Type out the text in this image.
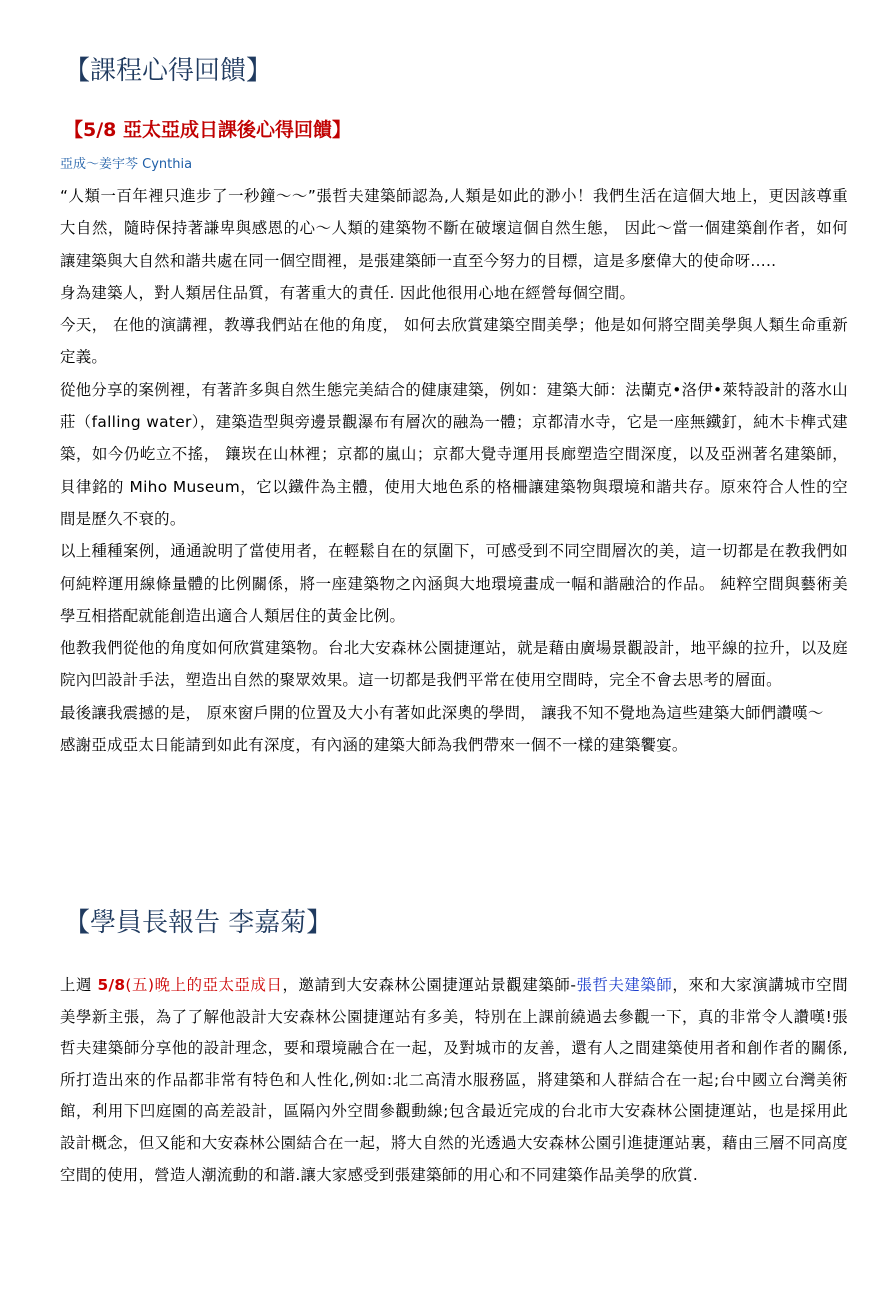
【課程心得回饋】
【5/8 亞太亞成日課後心得回饋】
亞成～姜宇芩 Cynthia

“人類一百年裡只進步了一秒鐘～～”張哲夫建築師認為,人類是如此的渺小！我們生活在這個大地上，更因該尊重大自然，隨時保持著謙卑與感恩的心～人類的建築物不斷在破壞這個自然生態， 因此～當一個建築創作者，如何讓建築與大自然和諧共處在同一個空間裡，是張建築師一直至今努力的目標，這是多麼偉大的使命呀.....

身為建築人，對人類居住品質，有著重大的責任. 因此他很用心地在經營每個空間。

今天， 在他的演講裡，教導我們站在他的角度， 如何去欣賞建築空間美學；他是如何將空間美學與人類生命重新定義。

從他分享的案例裡，有著許多與自然生態完美結合的健康建築，例如：建築大師：法蘭克•洛伊•萊特設計的落水山莊（falling water），建築造型與旁邊景觀瀑布有層次的融為一體；京都清水寺，它是一座無鐵釘，純木卡榫式建築，如今仍屹立不搖， 鑲崁在山林裡；京都的嵐山；京都大覺寺運用長廊塑造空間深度，以及亞洲著名建築師，貝律銘的 Miho Museum，它以鐵件為主體，使用大地色系的格柵讓建築物與環境和諧共存。原來符合人性的空間是歷久不衰的。

以上種種案例，通通說明了當使用者，在輕鬆自在的氛圍下，可感受到不同空間層次的美，這一切都是在教我們如何純粹運用線條量體的比例關係，將一座建築物之內涵與大地環境畫成一幅和諧融洽的作品。 純粹空間與藝術美學互相搭配就能創造出適合人類居住的黃金比例。

他教我們從他的角度如何欣賞建築物。台北大安森林公園捷運站，就是藉由廣場景觀設計，地平線的拉升，以及庭院內凹設計手法，塑造出自然的聚眾效果。這一切都是我們平常在使用空間時，完全不會去思考的層面。

最後讓我震撼的是， 原來窗戶開的位置及大小有著如此深奧的學問， 讓我不知不覺地為這些建築大師們讚嘆～

感謝亞成亞太日能請到如此有深度，有內涵的建築大師為我們帶來一個不一樣的建築饗宴。

【學員長報告 李嘉菊】

上週 5/8(五)晚上的亞太亞成日，邀請到大安森林公園捷運站景觀建築師-張哲夫建築師，來和大家演講城市空間美學新主張，為了了解他設計大安森林公園捷運站有多美，特別在上課前繞過去參觀一下，真的非常令人讚嘆!張哲夫建築師分享他的設計理念，要和環境融合在一起，及對城市的友善，還有人之間建築使用者和創作者的關係,所打造出來的作品都非常有特色和人性化,例如:北二高清水服務區，將建築和人群結合在一起;台中國立台灣美術館，利用下凹庭園的高差設計，區隔內外空間參觀動線;包含最近完成的台北市大安森林公園捷運站，也是採用此設計概念，但又能和大安森林公園結合在一起，將大自然的光透過大安森林公園引進捷運站裏，藉由三層不同高度空間的使用，營造人潮流動的和諧.讓大家感受到張建築師的用心和不同建築作品美學的欣賞.
